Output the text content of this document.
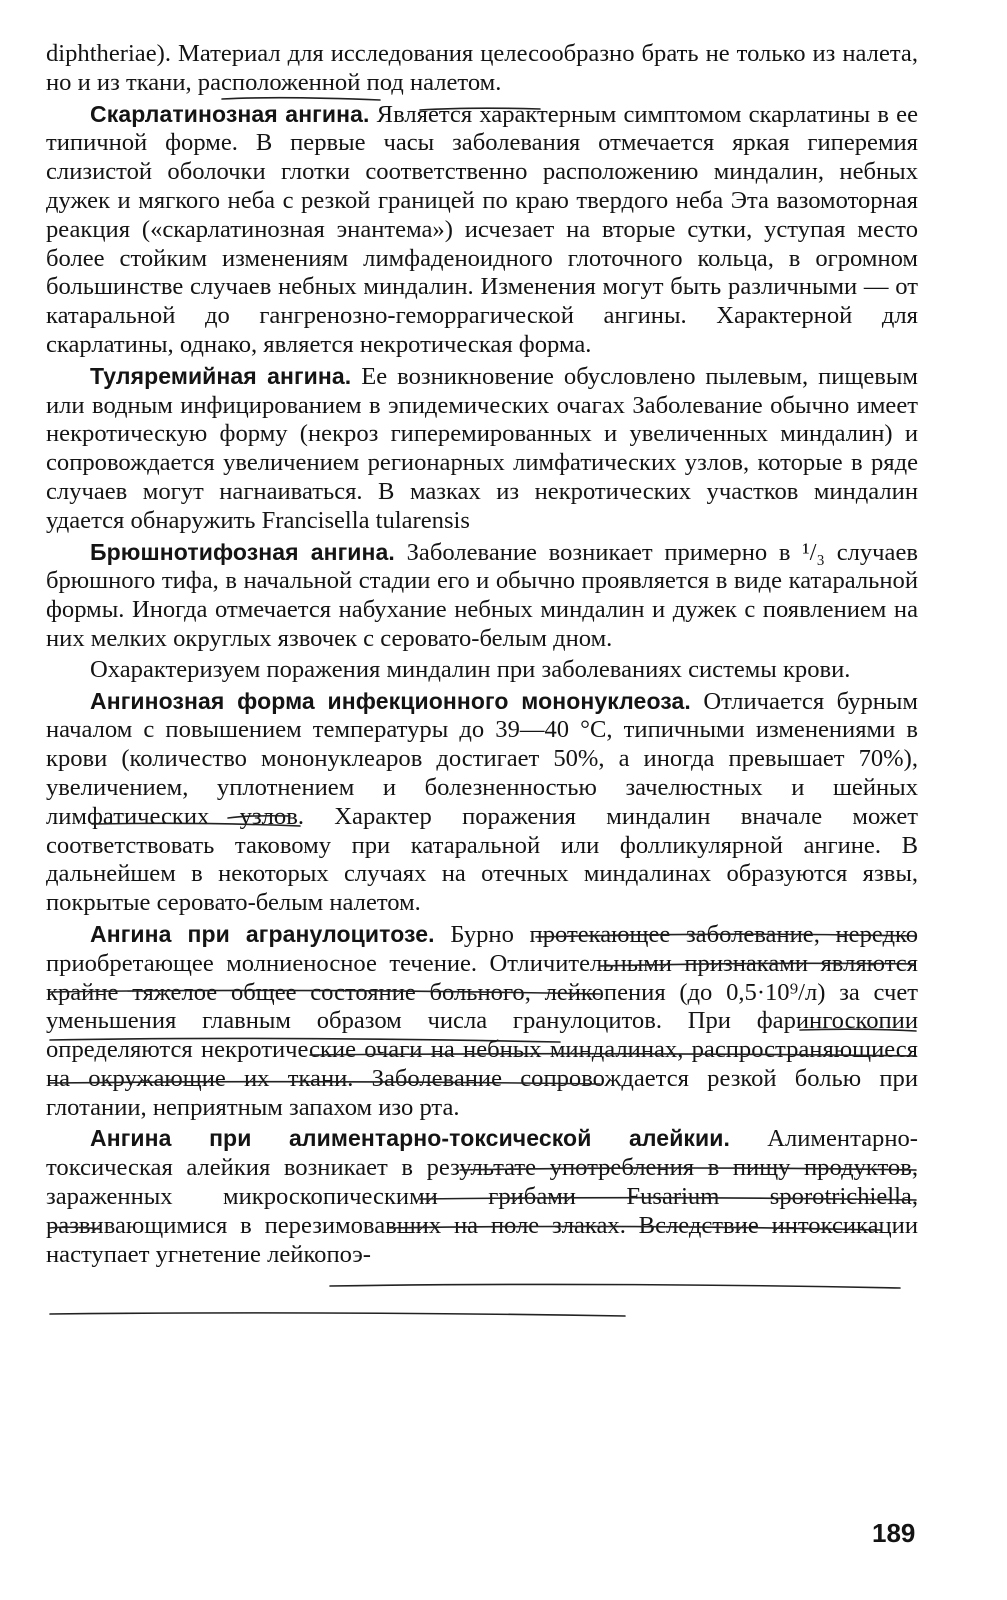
diphtheriae). Материал для исследования целесообразно брать не только из налета, но и из ткани, расположенной под налетом.

Скарлатинозная ангина. Является характерным симптомом скарлатины в ее типичной форме. В первые часы заболевания отмечается яркая гиперемия слизистой оболочки глотки соответственно расположению миндалин, небных дужек и мягкого неба с резкой границей по краю твердого неба Эта вазомоторная реакция («скарлатинозная энантема») исчезает на вторые сутки, уступая место более стойким изменениям лимфаденоидного глоточного кольца, в огромном большинстве случаев небных миндалин. Изменения могут быть различными — от катаральной до гангренозно-геморрагической ангины. Характерной для скарлатины, однако, является некротическая форма.

Туляремийная ангина. Ее возникновение обусловлено пылевым, пищевым или водным инфицированием в эпидемических очагах Заболевание обычно имеет некротическую форму (некроз гиперемированных и увеличенных миндалин) и сопровождается увеличением регионарных лимфатических узлов, которые в ряде случаев могут нагнаиваться. В мазках из некротических участков миндалин удается обнаружить Francisella tularensis

Брюшнотифозная ангина. Заболевание возникает примерно в ¹/₃ случаев брюшного тифа, в начальной стадии его и обычно проявляется в виде катаральной формы. Иногда отмечается набухание небных миндалин и дужек с появлением на них мелких округлых язвочек с серовато-белым дном.

Охарактеризуем поражения миндалин при заболеваниях системы крови.

Ангинозная форма инфекционного мононуклеоза. Отличается бурным началом с повышением температуры до 39—40 °С, типичными изменениями в крови (количество мононуклеаров достигает 50%, а иногда превышает 70%), увеличением, уплотнением и болезненностью зачелюстных и шейных лимфатических узлов. Характер поражения миндалин вначале может соответствовать таковому при катаральной или фолликулярной ангине. В дальнейшем в некоторых случаях на отечных миндалинах образуются язвы, покрытые серовато-белым налетом.

Ангина при агранулоцитозе. Бурно протекающее заболевание, нередко приобретающее молниеносное течение. Отличительными признаками являются крайне тяжелое общее состояние больного, лейкопения (до 0,5·10⁹/л) за счет уменьшения главным образом числа гранулоцитов. При фарингоскопии определяются некротические очаги на небных миндалинах, распространяющиеся на окружающие их ткани. Заболевание сопровождается резкой болью при глотании, неприятным запахом изо рта.

Ангина при алиментарно-токсической алейкии. Алиментарно-токсическая алейкия возникает в результате употребления в пищу продуктов, зараженных микроскопическими грибами Fusarium sporotrichiella, развивающимися в перезимовавших на поле злаках. Вследствие интоксикации наступает угнетение лейкопоэ-

189
